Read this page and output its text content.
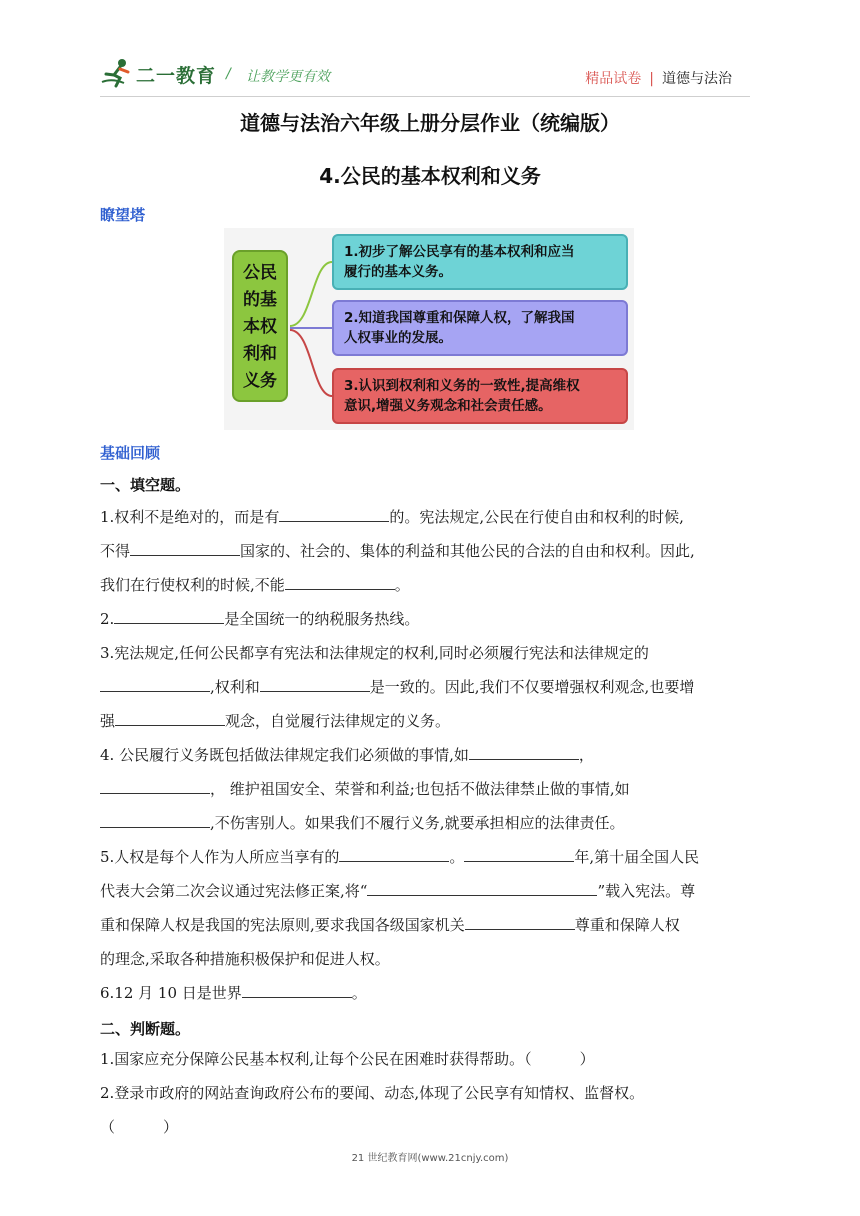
二一教育 / 让教学更有效	精品试卷 | 道德与法治
道德与法治六年级上册分层作业（统编版）
4.公民的基本权利和义务
瞭望塔
公民
的基
本权
利和
义务
1.初步了解公民享有的基本权利和应当
履行的基本义务。
2.知道我国尊重和保障人权，了解我国
人权事业的发展。
3.认识到权利和义务的一致性,提高维权
意识,增强义务观念和社会责任感。
基础回顾
一、填空题。

1.权利不是绝对的，而是有	的。宪法规定,公民在行使自由和权利的时候,
不得	国家的、社会的、集体的利益和其他公民的合法的自由和权利。因此,
我们在行使权利的时候,不能	。

2.	是全国统一的纳税服务热线。

3.宪法规定,任何公民都享有宪法和法律规定的权利,同时必须履行宪法和法律规定的
,权利和	是一致的。因此,我们不仅要增强权利观念,也要增
强	观念，自觉履行法律规定的义务。

4. 公民履行义务既包括做法律规定我们必须做的事情,如	，
， 维护祖国安全、荣誉和利益;也包括不做法律禁止做的事情,如
,不伤害别人。如果我们不履行义务,就要承担相应的法律责任。

5.人权是每个人作为人所应当享有的	。	年,第十届全国人民
代表大会第二次会议通过宪法修正案,将“	”载入宪法。尊
重和保障人权是我国的宪法原则,要求我国各级国家机关	尊重和保障人权
的理念,采取各种措施积极保护和促进人权。

6.12 月 10 日是世界	。

二、判断题。

1.国家应充分保障公民基本权利,让每个公民在困难时获得帮助。（	）

2.登录市政府的网站查询政府公布的要闻、动态,体现了公民享有知情权、监督权。
（	）

21 世纪教育网(www.21cnjy.com)
